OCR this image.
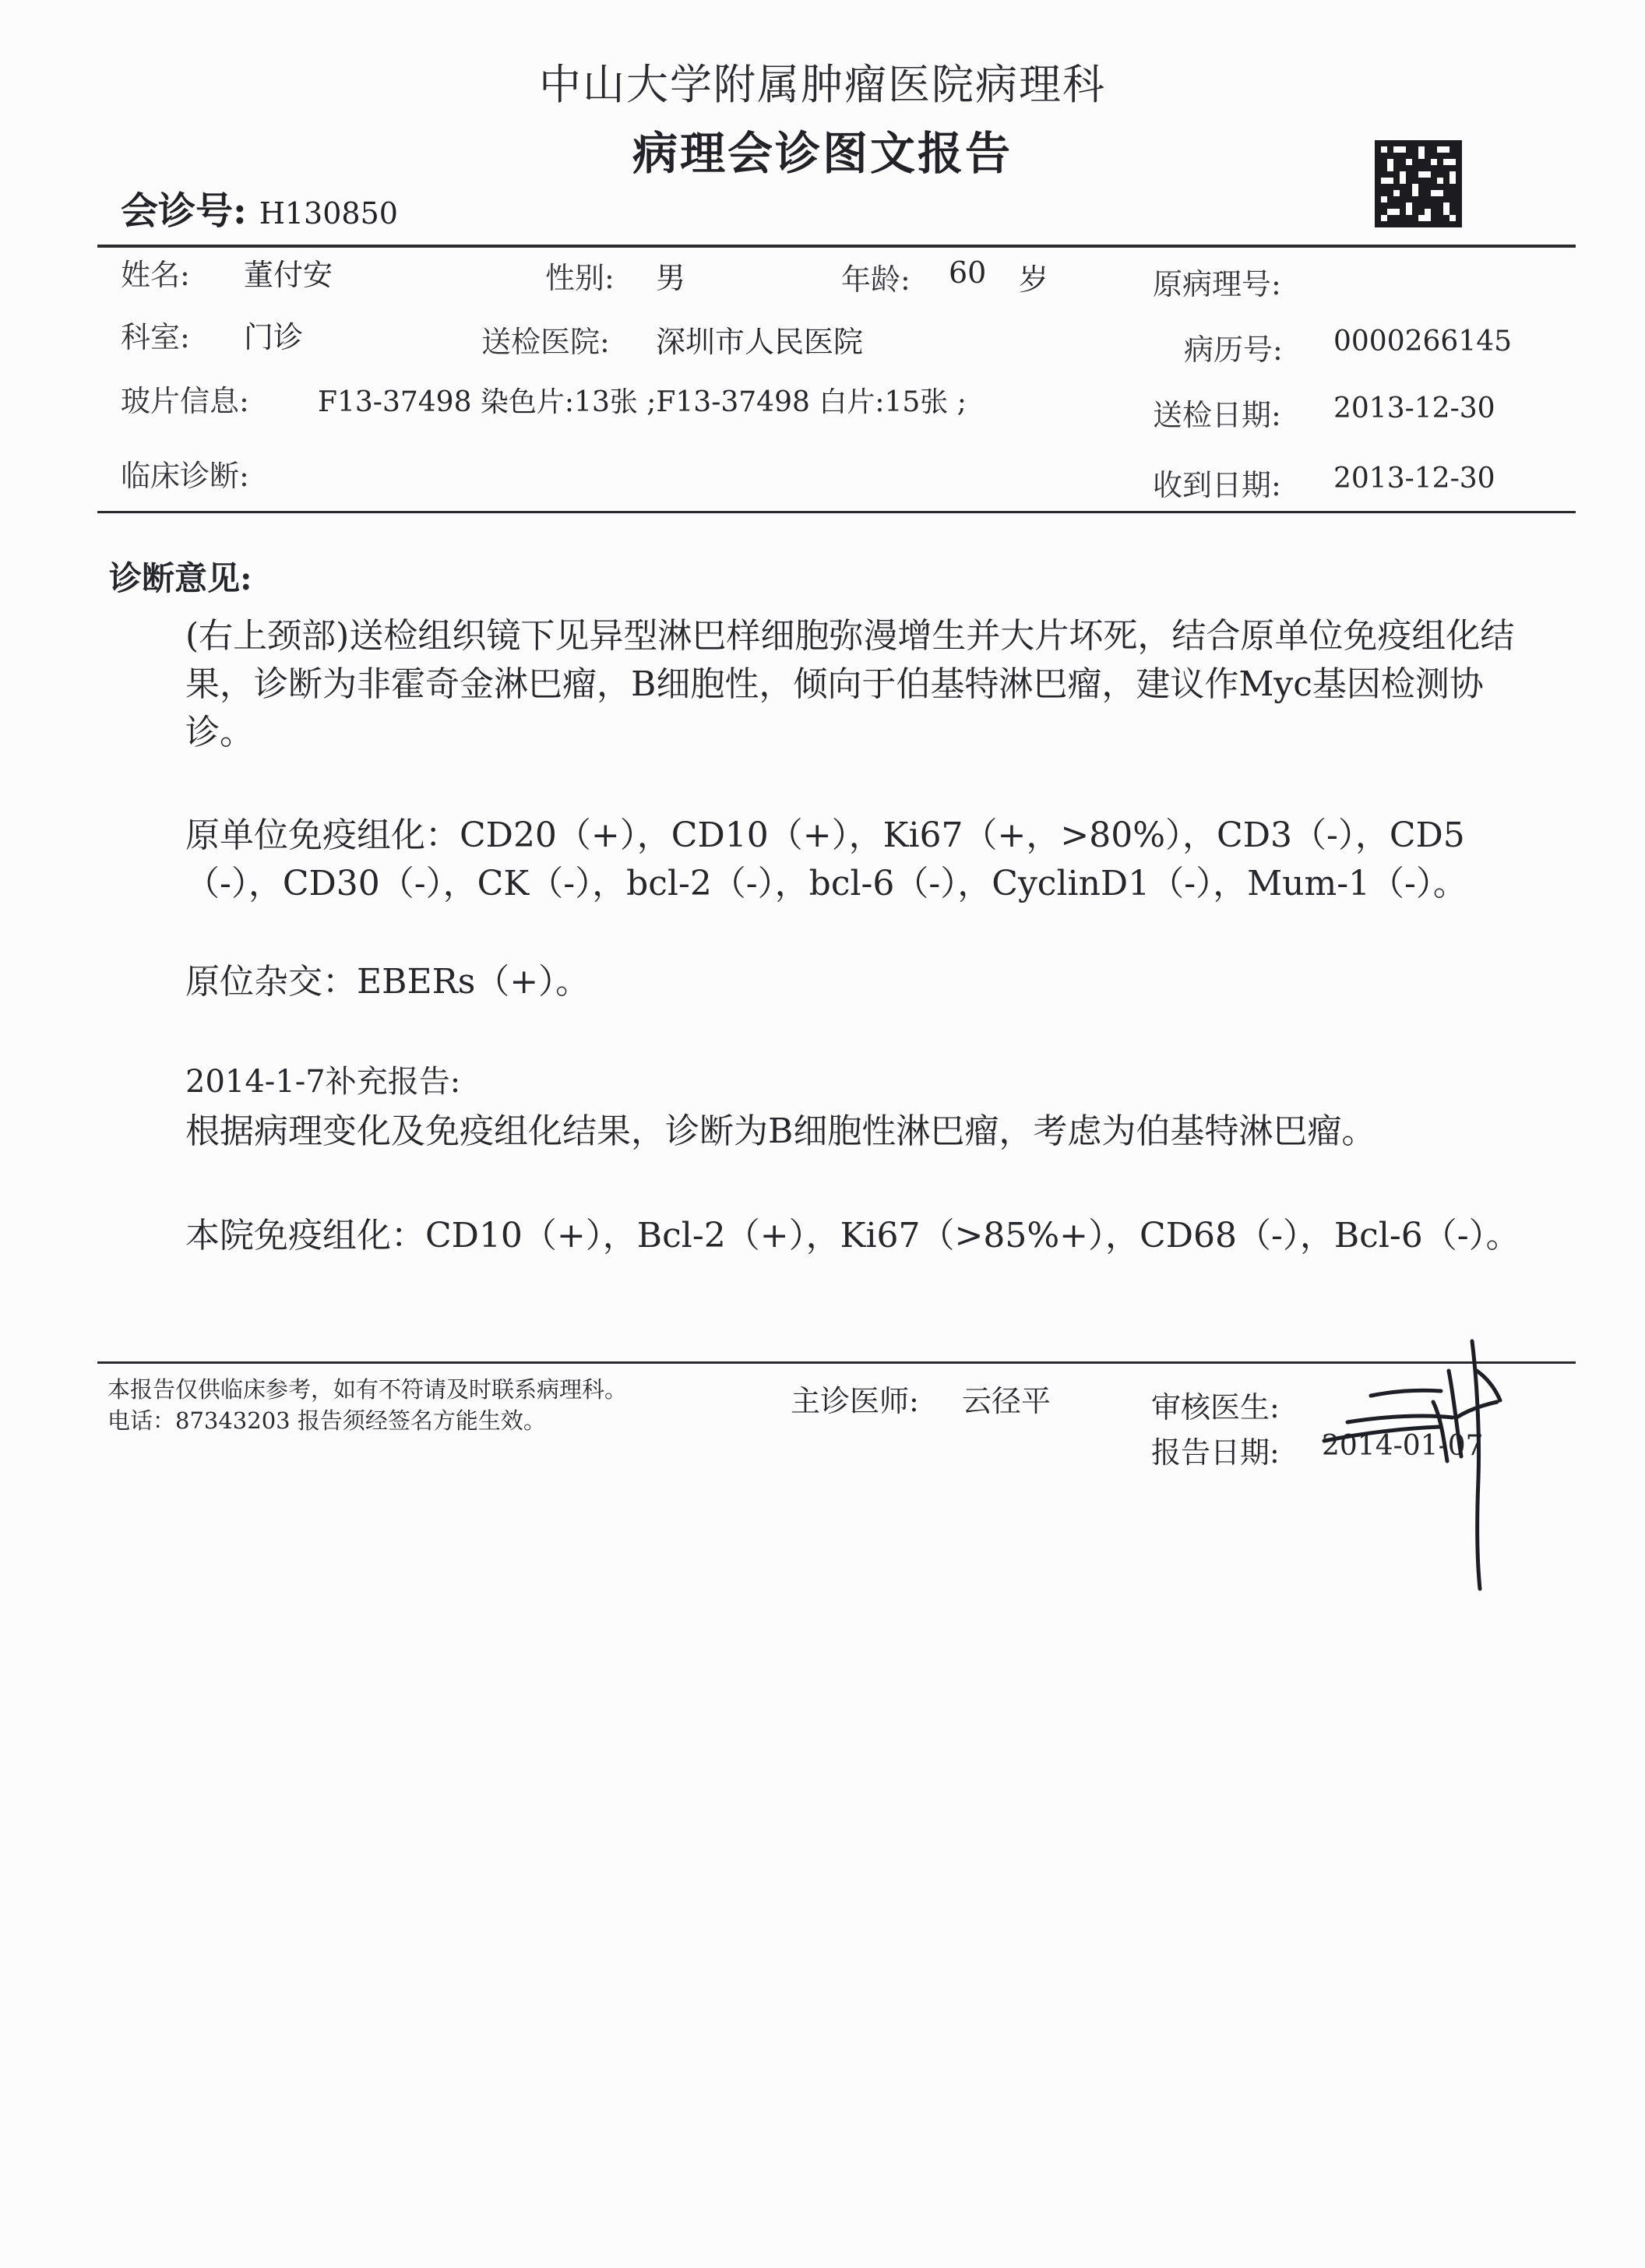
中山大学附属肿瘤医院病理科
病理会诊图文报告
会诊号: H130850
姓名: 董付安	性别: 男	年龄: 60 岁	原病理号:
科室: 门诊	送检医院: 深圳市人民医院	病历号: 0000266145
玻片信息: F13-37498 染色片:13张 ;F13-37498 白片:15张 ;	送检日期: 2013-12-30
临床诊断:	收到日期: 2013-12-30
诊断意见:
(右上颈部)送检组织镜下见异型淋巴样细胞弥漫增生并大片坏死，结合原单位免疫组化结果，诊断为非霍奇金淋巴瘤，B细胞性，倾向于伯基特淋巴瘤，建议作Myc基因检测协诊。
原单位免疫组化：CD20（+），CD10（+），Ki67（+，>80%），CD3（-），CD5（-），CD30（-），CK（-），bcl-2（-），bcl-6（-），CyclinD1（-），Mum-1（-）。
原位杂交：EBERs（+）。
2014-1-7补充报告:
根据病理变化及免疫组化结果，诊断为B细胞性淋巴瘤，考虑为伯基特淋巴瘤。
本院免疫组化：CD10（+），Bcl-2（+），Ki67（>85%+），CD68（-），Bcl-6（-）。
本报告仅供临床参考，如有不符请及时联系病理科。
电话：87343203 报告须经签名方能生效。
主诊医师: 云径平	审核医生:
报告日期: 2014-01-07
